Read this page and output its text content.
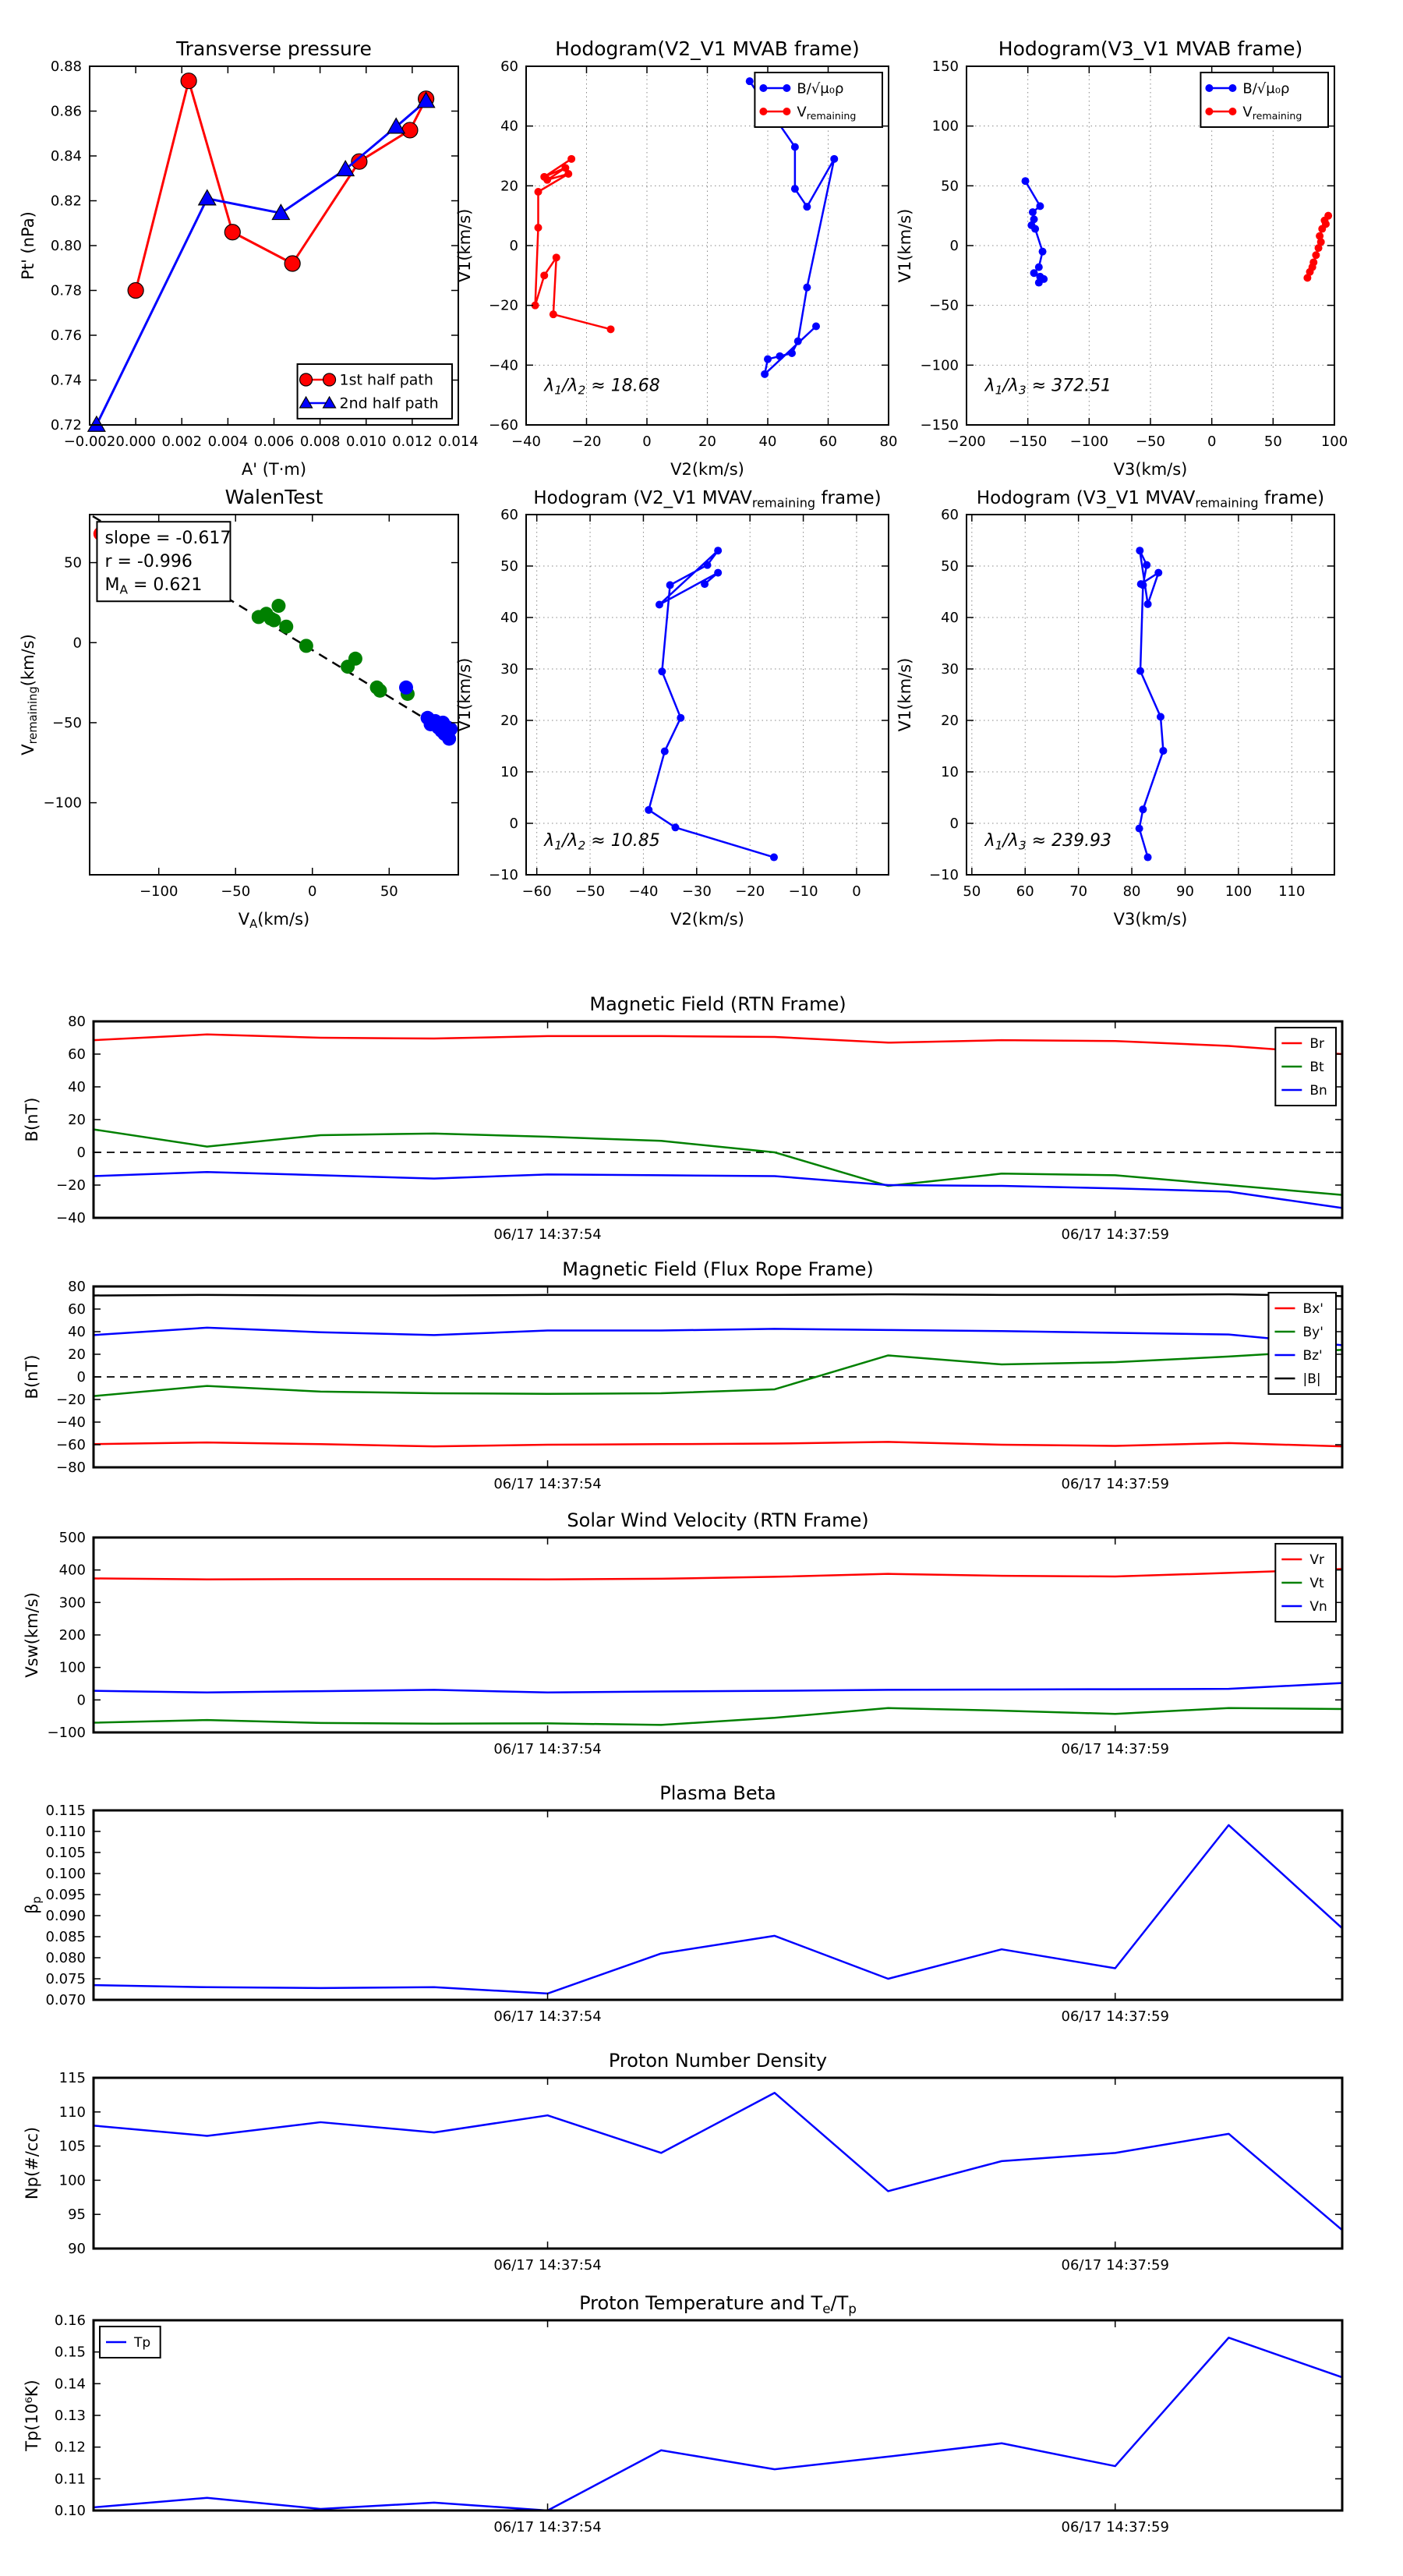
−0.002 0.000 0.002 0.004 0.006 0.008 0.010 0.012 0.014
0.72
0.74
0.76
0.78
0.80
0.82
0.84
0.86
0.88
Transverse pressure
A' (T·m)
Pt' (nPa)
1st half path
2nd half path
−40 −20	0	20	40	60	80
−60
−40
−20
0
20
40
60
Hodogram(V2_V1 MVAB frame)
V2(km/s)
V1(km/s)
$\lambda_1/\lambda_2 \approx 18.68$
B/√μ₀ρ
$V_{remaining}$
−200 −150 −100 −50	0	50	100
−150
−100
−50
0
50
100
150
Hodogram(V3_V1 MVAB frame)
V3(km/s)
V1(km/s)
$\lambda_1/\lambda_3 \approx 372.51$
B/√μ₀ρ
$V_{remaining}$
−100	−50	0	50
−100
−50
0
50
WalenTest
$V_A(km/s)$
$V_{remaining}(km/s)$
slope = -0.617
r = -0.996
$M_A = 0.621$
−60 −50 −40 −30 −20 −10 0
−10
0
10
20
30
40
50
60
Hodogram (V2_V1 $MVAV_{remaining}$ frame)
V2(km/s)
V1(km/s)
$\lambda_1/\lambda_2 \approx 10.85$
50	60	70	80	90 100 110
−10
0
10
20
30
40
50
60
Hodogram (V3_V1 $MVAV_{remaining}$ frame)
V3(km/s)
V1(km/s)
$\lambda_1/\lambda_3 \approx 239.93$
06/17 14:37:54	06/17 14:37:59
−40
−20
0
20
40
60
80
Magnetic Field (RTN Frame)
B(nT)
Br
Bt
Bn
06/17 14:37:54	06/17 14:37:59
−80
−60
−40
−20
0
20
40
60
80
Magnetic Field (Flux Rope Frame)
B(nT)
Bx'
By'
Bz'
|B|
06/17 14:37:54	06/17 14:37:59
−100
0
100
200
300
400
500
Solar Wind Velocity (RTN Frame)
Vsw(km/s)
Vr
Vt
Vn
06/17 14:37:54	06/17 14:37:59
0.070
0.075
0.080
0.085
0.090
0.095
0.100
0.105
0.110
0.115
Plasma Beta
$\beta_p$
06/17 14:37:54	06/17 14:37:59
90
95
100
105
110
115
Proton Number Density
Np(#/cc)
06/17 14:37:54	06/17 14:37:59
0.10
0.11
0.12
0.13
0.14
0.15
0.16
Proton Temperature and $T_e/T_p$
Tp(10⁶K)
Tp
